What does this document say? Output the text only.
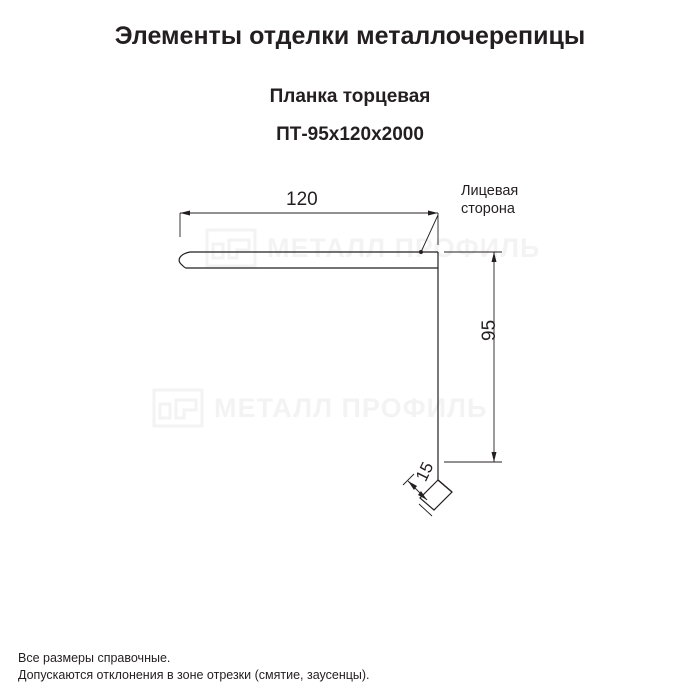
Элементы отделки металлочерепицы
Планка торцевая
ПТ-95x120x2000
МЕТАЛЛ ПРОФИЛЬ
МЕТАЛЛ ПРОФИЛЬ
120
95
15
Лицевая
сторона
Все размеры справочные.
Допускаются отклонения в зоне отрезки (смятие, заусенцы).
